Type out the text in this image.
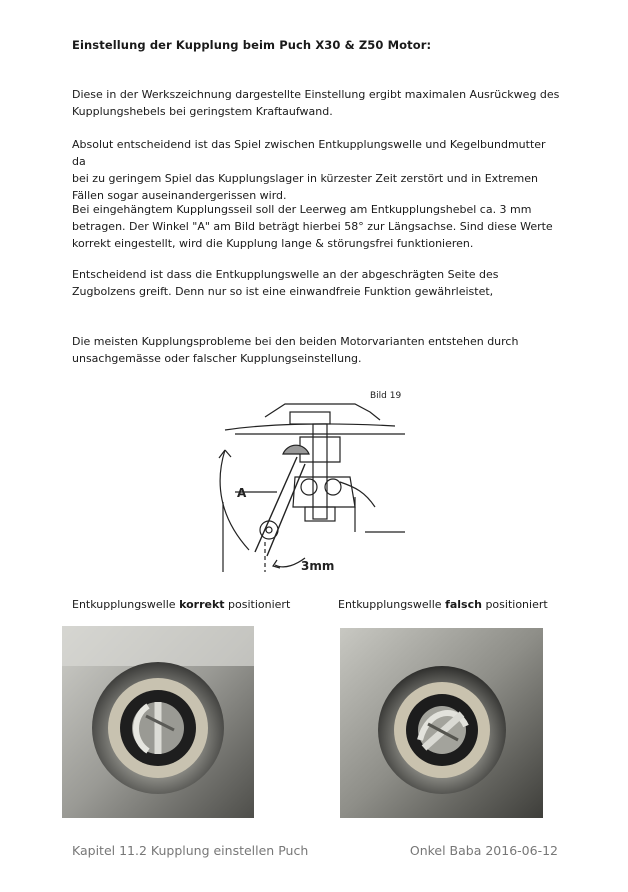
Einstellung der Kupplung beim Puch X30 & Z50 Motor:
Diese in der Werkszeichnung dargestellte Einstellung ergibt maximalen Ausrückweg des
Kupplungshebels bei geringstem Kraftaufwand.
Absolut entscheidend ist das Spiel zwischen Entkupplungswelle und Kegelbundmutter da
bei zu geringem Spiel das Kupplungslager in kürzester Zeit zerstört und in Extremen
Fällen sogar auseinandergerissen wird.
Bei eingehängtem Kupplungsseil soll der Leerweg am Entkupplungshebel ca. 3 mm
betragen. Der Winkel "A" am Bild beträgt hierbei 58° zur Längsachse. Sind diese Werte
korrekt eingestellt, wird die Kupplung lange & störungsfrei funktionieren.
Entscheidend ist dass die Entkupplungswelle an der abgeschrägten Seite des
Zugbolzens greift. Denn nur so ist eine einwandfreie Funktion gewährleistet,
Die meisten Kupplungsprobleme bei den beiden Motorvarianten entstehen durch
unsachgemässe oder falscher Kupplungseinstellung.
Bild 19
A
3mm
Entkupplungswelle korrekt positioniert	Entkupplungswelle falsch positioniert
Kapitel 11.2 Kupplung einstellen Puch	Onkel Baba 2016-06-12
